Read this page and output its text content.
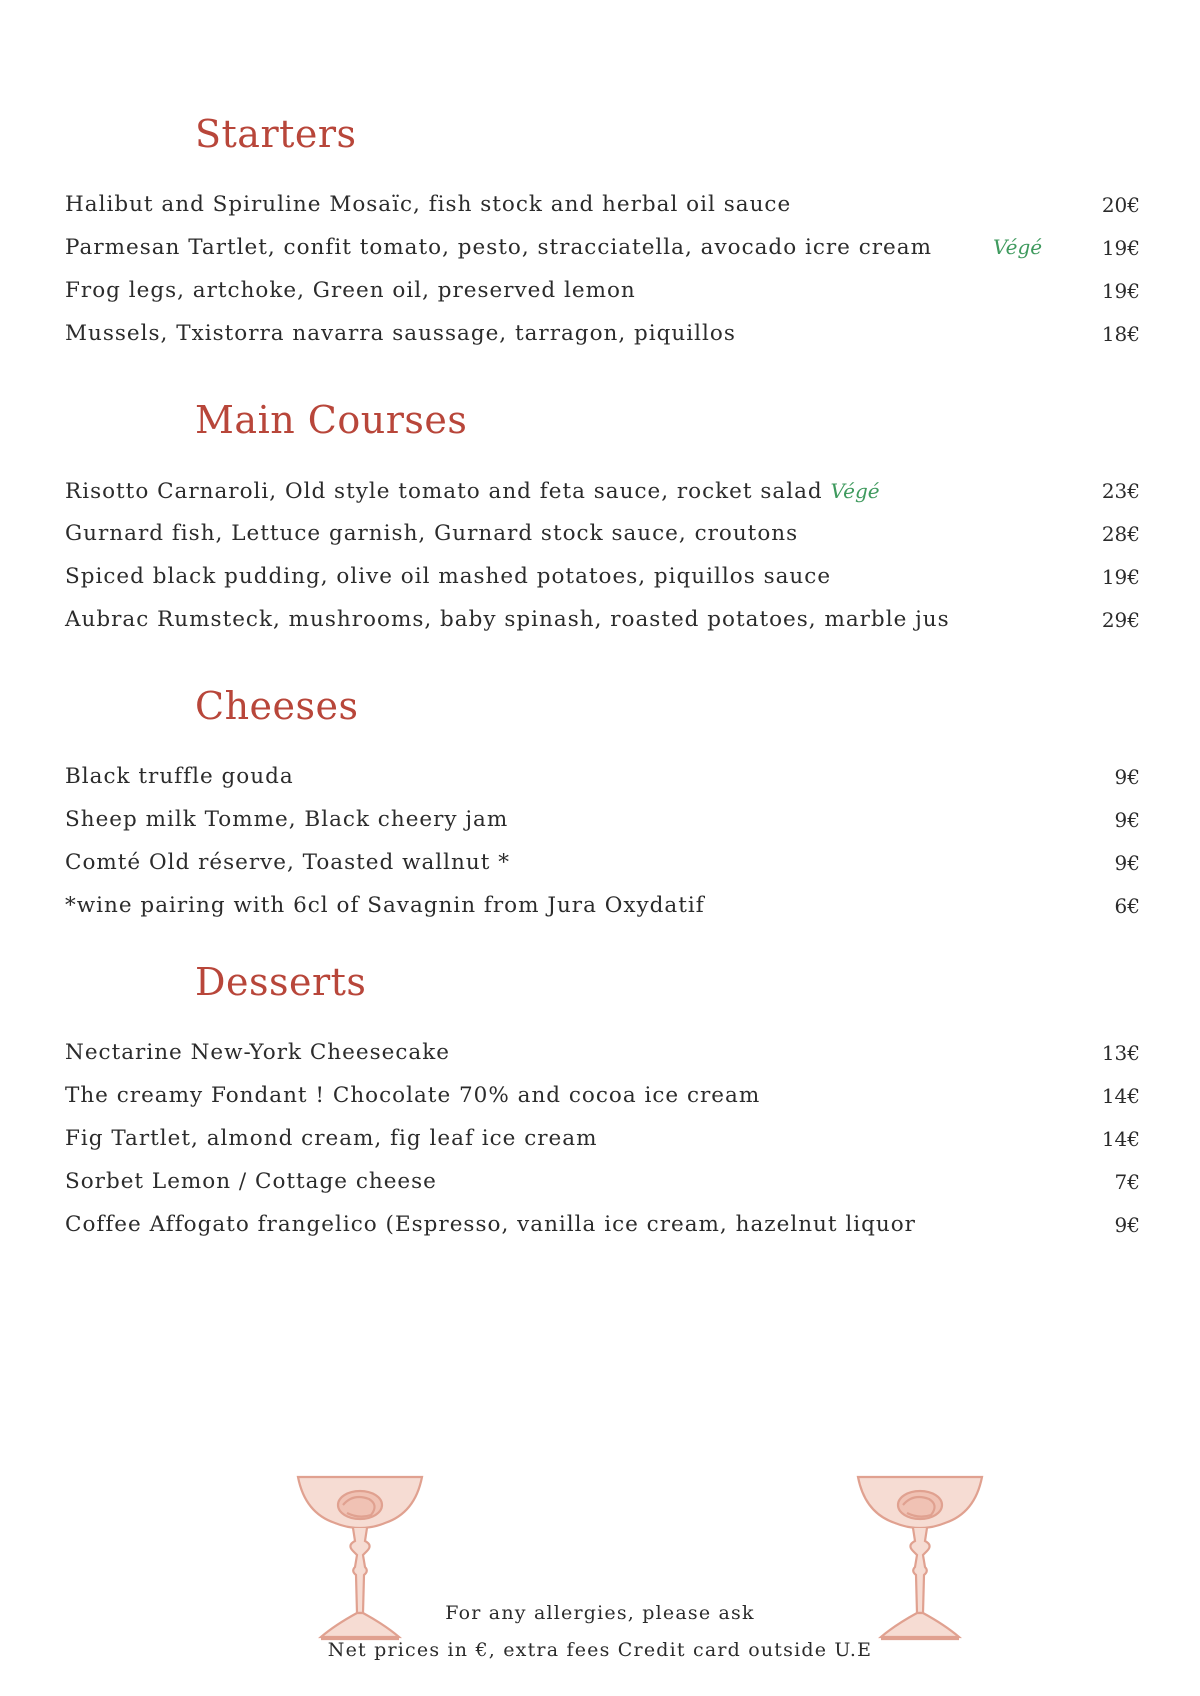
Starters
Halibut and Spiruline Mosaïc, fish stock and herbal oil sauce	20€
Parmesan Tartlet, confit tomato, pesto, stracciatella, avocado icre cream	Végé	19€
Frog legs, artchoke, Green oil, preserved lemon	19€
Mussels, Txistorra navarra saussage, tarragon, piquillos	18€
Main Courses
Risotto Carnaroli, Old style tomato and feta sauce, rocket salad Végé	23€
Gurnard fish, Lettuce garnish, Gurnard stock sauce, croutons	28€
Spiced black pudding, olive oil mashed potatoes, piquillos sauce	19€
Aubrac Rumsteck, mushrooms, baby spinash, roasted potatoes, marble jus	29€
Cheeses
Black truffle gouda	9€
Sheep milk Tomme, Black cheery jam	9€
Comté Old réserve, Toasted wallnut *	9€
*wine pairing with 6cl of Savagnin from Jura Oxydatif	6€
Desserts
Nectarine New-York Cheesecake	13€
The creamy Fondant ! Chocolate 70% and cocoa ice cream	14€
Fig Tartlet, almond cream, fig leaf ice cream	14€
Sorbet Lemon / Cottage cheese	7€
Coffee Affogato frangelico (Espresso, vanilla ice cream, hazelnut liquor	9€
For any allergies, please ask
Net prices in €, extra fees Credit card outside U.E
